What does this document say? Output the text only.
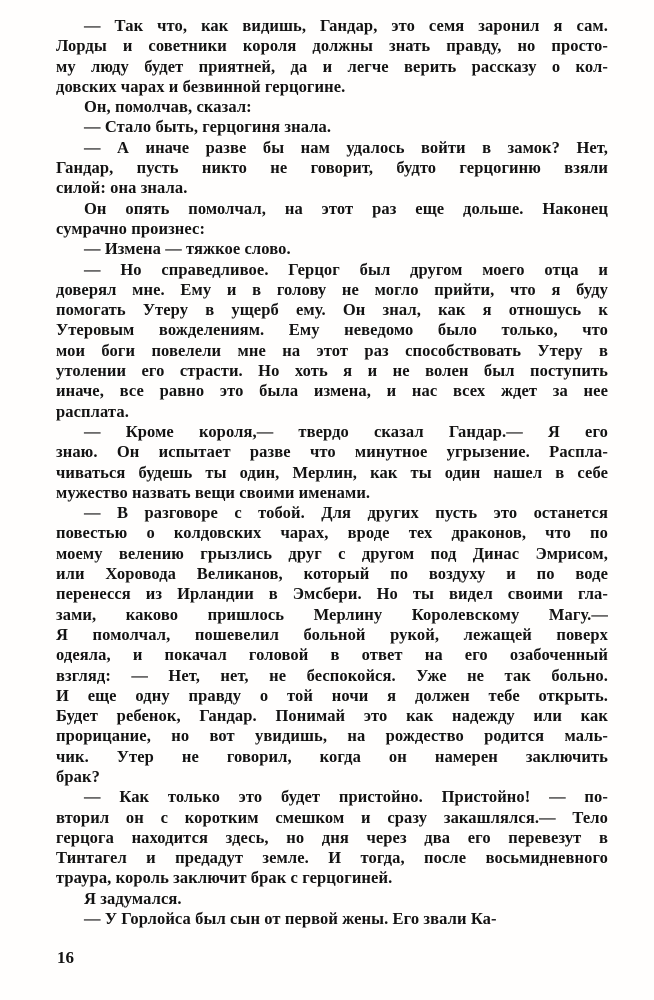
— Так что, как видишь, Гандар, это семя заронил я сам.
Лорды и советники короля должны знать правду, но просто-
му люду будет приятней, да и легче верить рассказу о кол-
довских чарах и безвинной герцогине.
Он, помолчав, сказал:
— Стало быть, герцогиня знала.
— А иначе разве бы нам удалось войти в замок? Нет,
Гандар, пусть никто не говорит, будто герцогиню взяли
силой: она знала.
Он опять помолчал, на этот раз еще дольше. Наконец
сумрачно произнес:
— Измена — тяжкое слово.
— Но справедливое. Герцог был другом моего отца и
доверял мне. Ему и в голову не могло прийти, что я буду
помогать Утеру в ущерб ему. Он знал, как я отношусь к
Утеровым вожделениям. Ему неведомо было только, что
мои боги повелели мне на этот раз способствовать Утеру в
утолении его страсти. Но хоть я и не волен был поступить
иначе, все равно это была измена, и нас всех ждет за нее
расплата.
— Кроме короля,— твердо сказал Гандар.— Я его
знаю. Он испытает разве что минутное угрызение. Распла-
чиваться будешь ты один, Мерлин, как ты один нашел в себе
мужество назвать вещи своими именами.
— В разговоре с тобой. Для других пусть это останется
повестью о колдовских чарах, вроде тех драконов, что по
моему велению грызлись друг с другом под Динас Эмрисом,
или Хоровода Великанов, который по воздуху и по воде
перенесся из Ирландии в Эмсбери. Но ты видел своими гла-
зами, каково пришлось Мерлину Королевскому Магу.—
Я помолчал, пошевелил больной рукой, лежащей поверх
одеяла, и покачал головой в ответ на его озабоченный
взгляд: — Нет, нет, не беспокойся. Уже не так больно.
И еще одну правду о той ночи я должен тебе открыть.
Будет ребенок, Гандар. Понимай это как надежду или как
прорицание, но вот увидишь, на рождество родится маль-
чик. Утер не говорил, когда он намерен заключить
брак?
— Как только это будет пристойно. Пристойно! — по-
вторил он с коротким смешком и сразу закашлялся.— Тело
герцога находится здесь, но дня через два его перевезут в
Тинтагел и предадут земле. И тогда, после восьмидневного
траура, король заключит брак с герцогиней.
Я задумался.
— У Горлойса был сын от первой жены. Его звали Ка-
16
